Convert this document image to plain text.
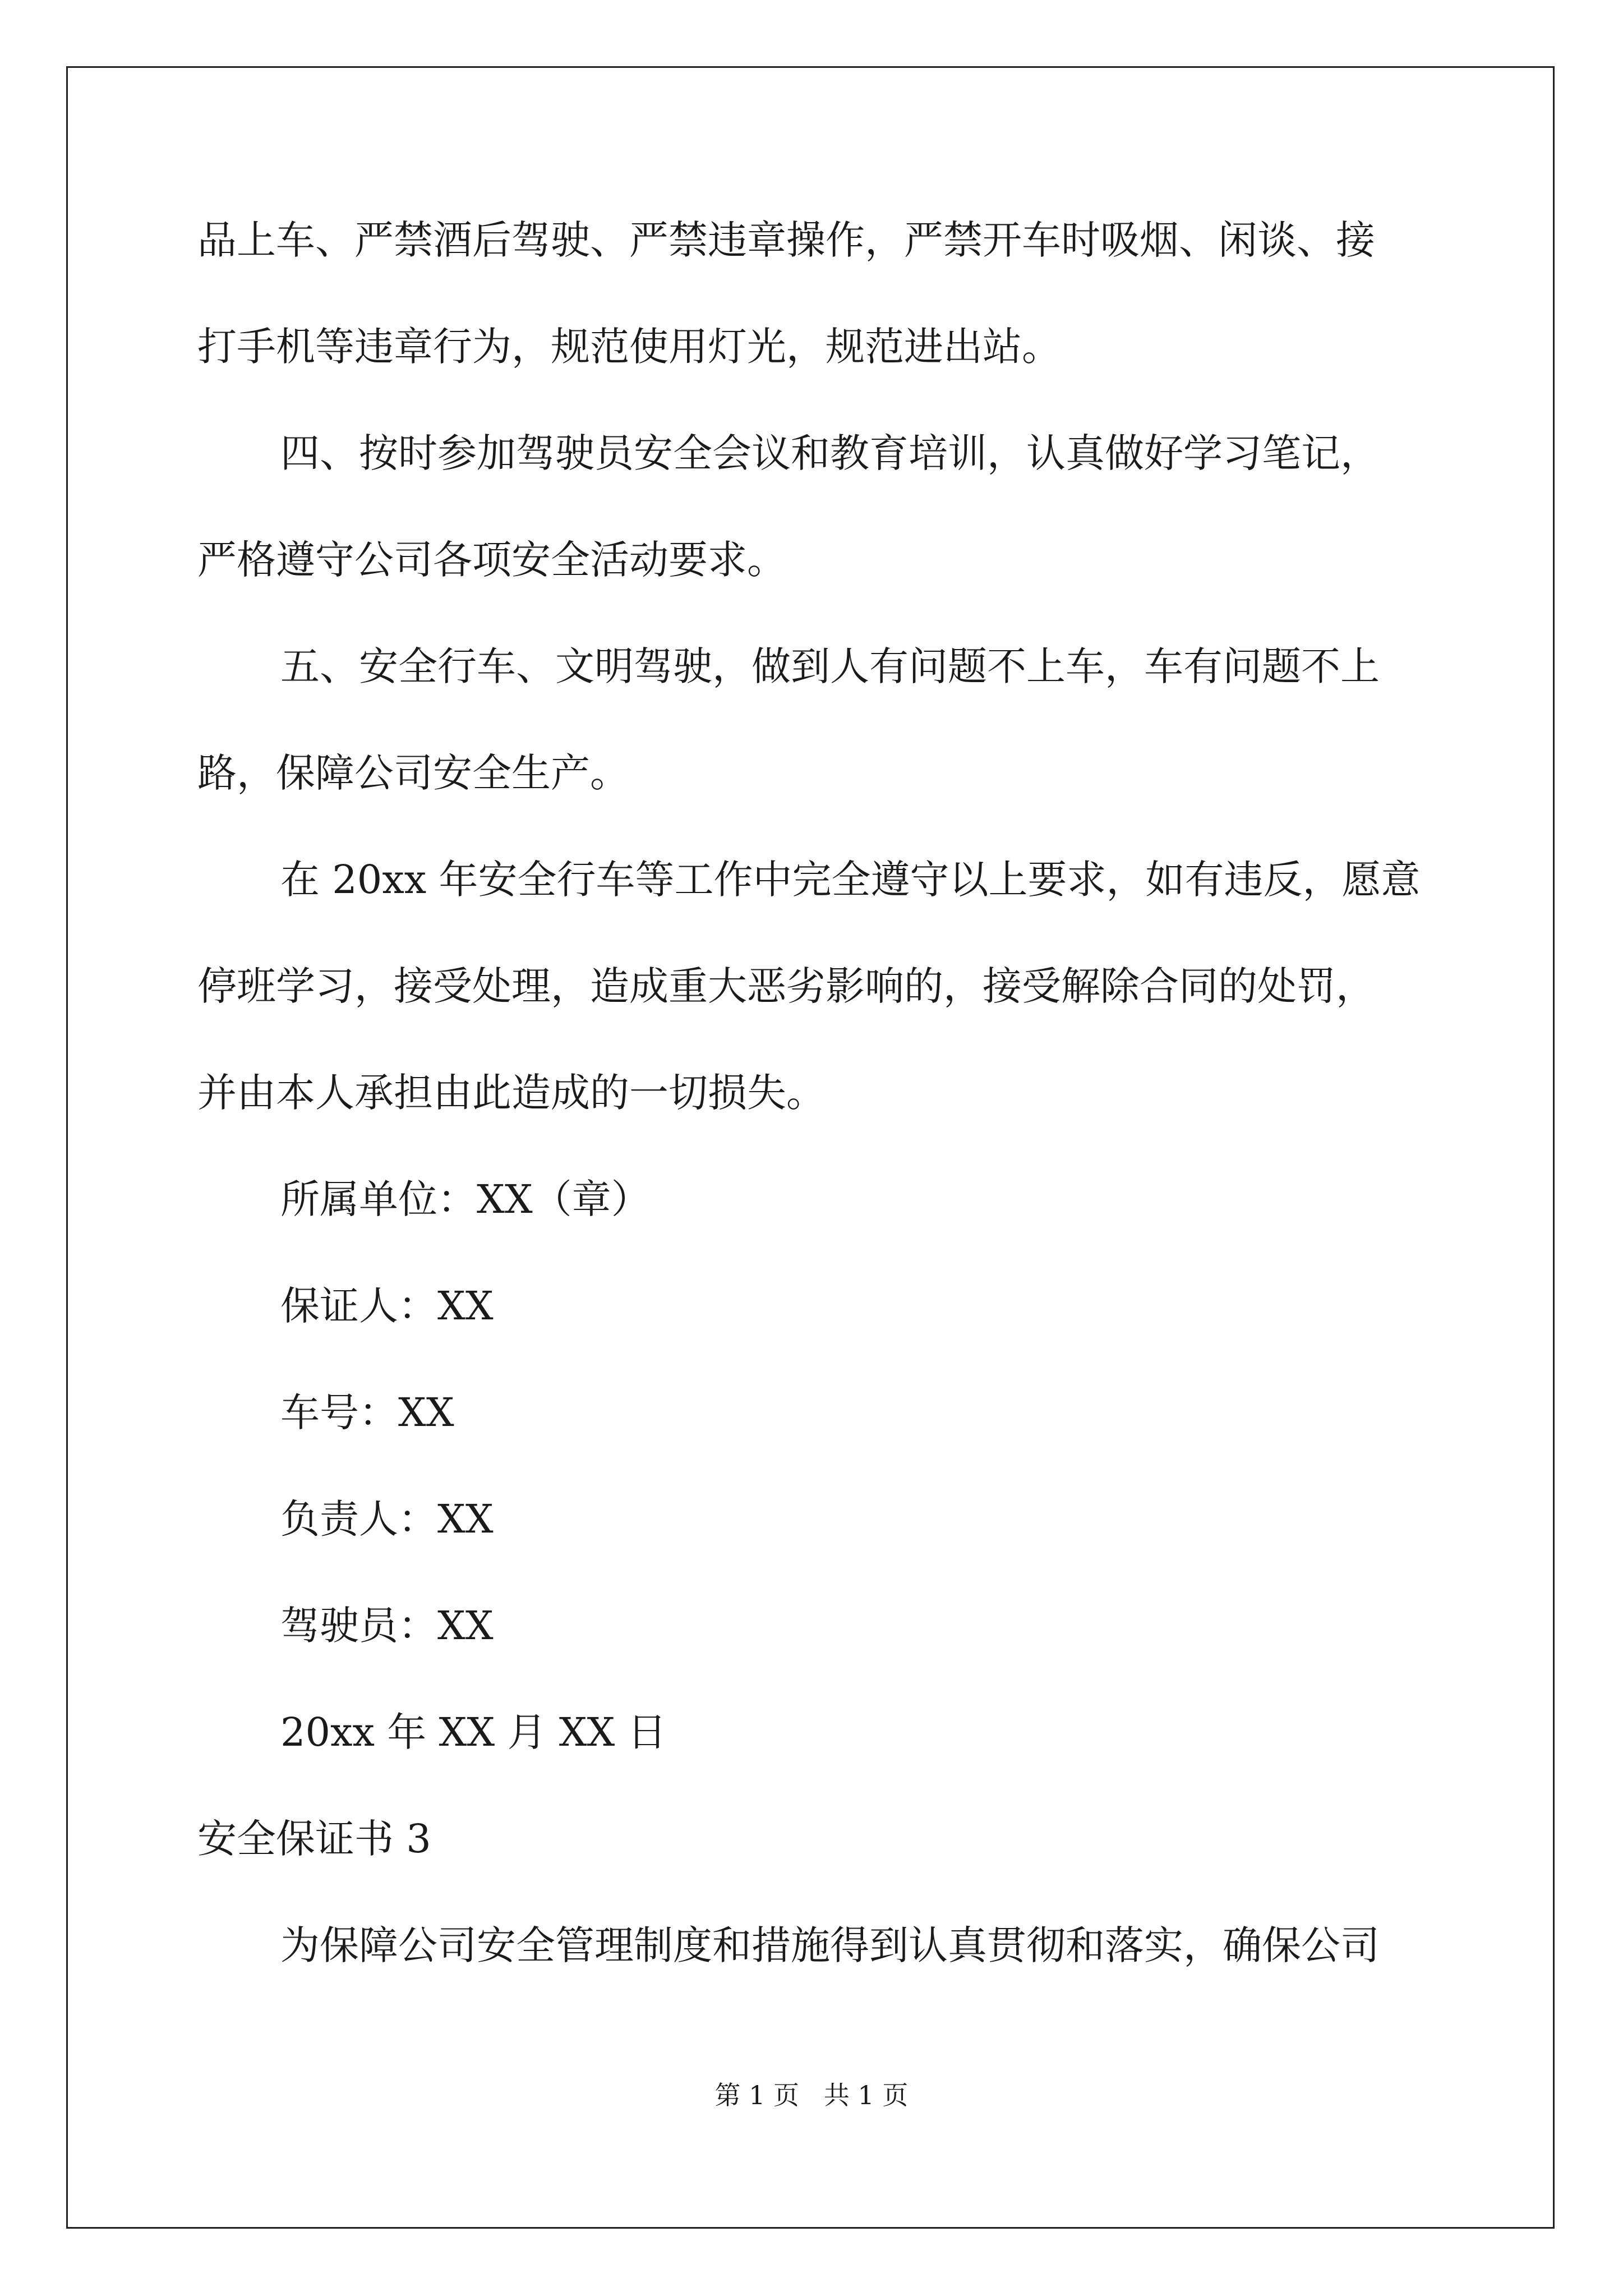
品上车、严禁酒后驾驶、严禁违章操作，严禁开车时吸烟、闲谈、接
打手机等违章行为，规范使用灯光，规范进出站。
四、按时参加驾驶员安全会议和教育培训，认真做好学习笔记，
严格遵守公司各项安全活动要求。
五、安全行车、文明驾驶，做到人有问题不上车，车有问题不上
路，保障公司安全生产。
在 20xx 年安全行车等工作中完全遵守以上要求，如有违反，愿意
停班学习，接受处理，造成重大恶劣影响的，接受解除合同的处罚，
并由本人承担由此造成的一切损失。
所属单位：XX（章）
保证人：XX
车号：XX
负责人：XX
驾驶员：XX
20xx 年 XX 月 XX 日
安全保证书 3
为保障公司安全管理制度和措施得到认真贯彻和落实，确保公司
第 1 页   共 1 页
